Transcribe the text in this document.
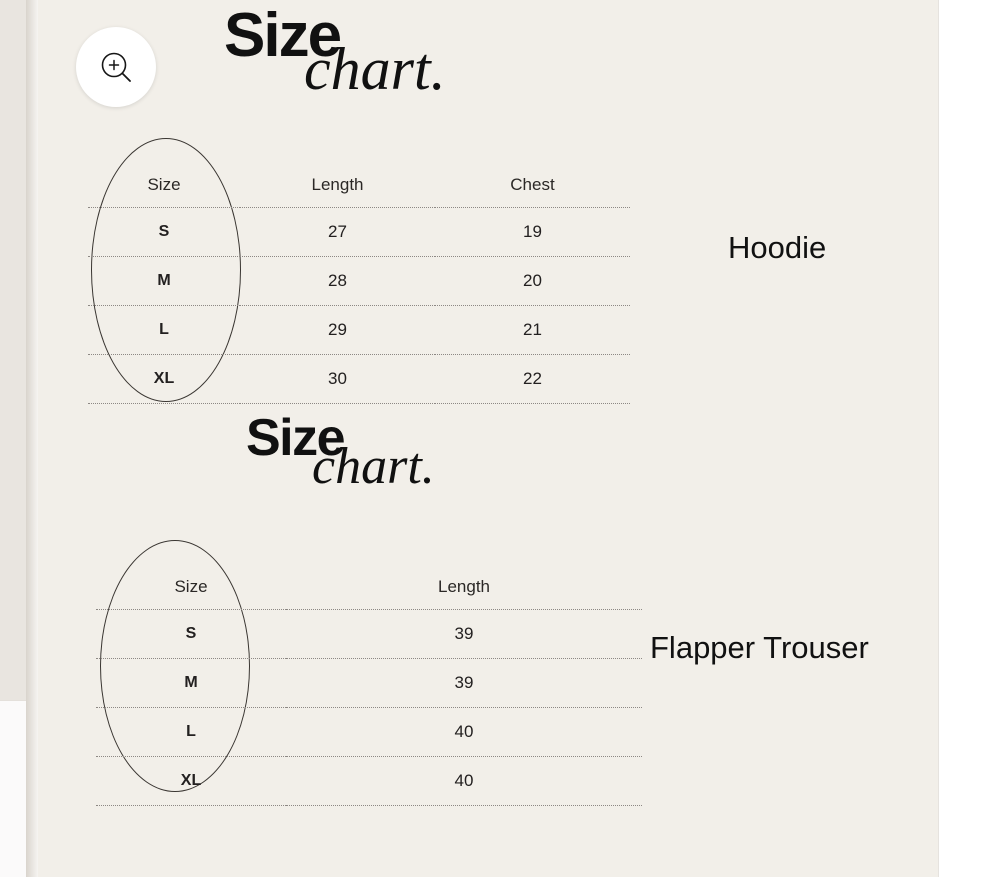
Size
chart.
Size	Length	Chest
S	27	19
M	28	20
L	29	21
XL	30	22
Hoodie
Size
chart.
Size	Length
S	39
M	39
L	40
XL	40
Flapper Trouser
